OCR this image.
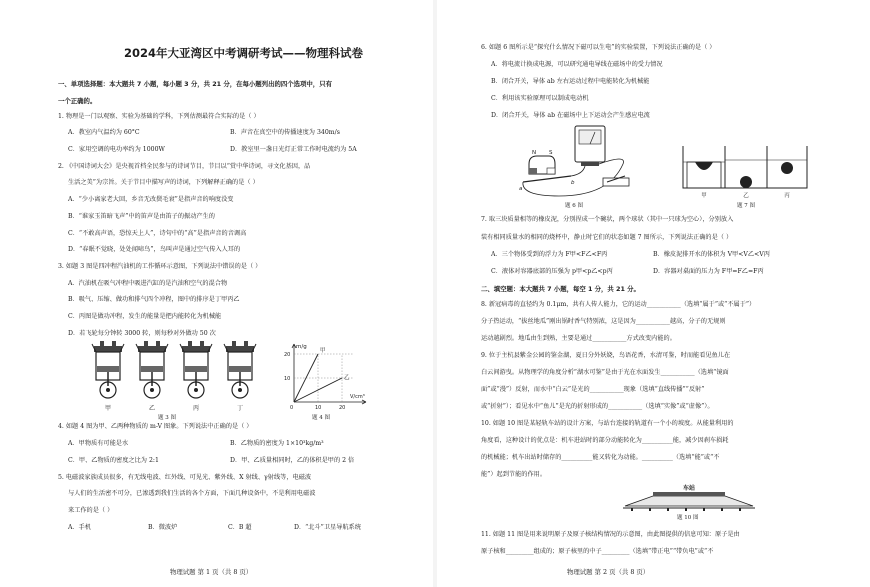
2024年大亚湾区中考调研考试——物理科试卷
一、单项选择题：本大题共 7 小题，每小题 3 分，共 21 分，在每小题列出的四个选项中，只有
一个正确的。
1. 物理是一门以观察、实验为基础的学科，下列估测最符合实际的是（ ）
A．教室内气温约为 60°C	B．声音在真空中的传播速度为 340m/s
C．家用空调的电功率约为 1000W	D．教室里一盏日光灯正常工作时电流约为 5A
2. 《中国诗词大会》是央视首档全民参与的诗词节目，节目以“赏中华诗词，寻文化基因，品
生活之美”为宗旨。关于节目中描写声的诗词，下列解释正确的是（ ）
A．“少小离家老大回，乡音无改鬓毛衰”是指声音的响度没变
B．“谁家玉笛暗飞声”中的笛声是由笛子的振动产生的
C．“不敢高声语，恐惊天上人”，诗句中的“高”是指声音的音调高
D．“春眠不觉晓，处处闻啼鸟”，鸟叫声是通过空气传入人耳的
3. 如题 3 图是四冲程汽油机的工作循环示意图，下列说法中错误的是（ ）
A．汽油机在吸气冲程中吸进汽缸的是汽油和空气的混合物
B．吸气、压缩、做功和排气四个冲程，图中的排序是丁甲丙乙
C．丙图是做功冲程，发生的能量是把内能转化为机械能
D．若飞轮每分钟转 3000 转，则每秒对外做功 50 次
甲	乙	丙	丁
题 3 图
甲
乙
0	10	20
10
20
m/g
V/cm³
题 4 图
4. 如题 4 图为甲、乙两种物质的 m-V 图象。下列说法中正确的是（ ）
A．甲物质有可能是水	B．乙物质的密度为 1×10³kg/m³
C．甲、乙物质的密度之比为 2:1	D．甲、乙质量相同时，乙的体积是甲的 2 倍
5. 电磁波家族成员很多，有无线电波、红外线、可见光、紫外线、X 射线、γ射线等，电磁波
与人们的生活密不可分，已渗透到我们生活的各个方面，下面几种设备中，不是利用电磁波
来工作的是（ ）
A．手机	B．微波炉	C．B 超	D．“北斗”卫星导航系统
物理试题 第 1 页（共 8 页）
6. 如题 6 图所示是“探究什么情况下磁可以生电”的实验装置，下列说法正确的是（ ）
A．将电流计换成电源，可以研究通电导线在磁场中的受力情况
B．闭合开关，导体 ab 左右运动过程中电能转化为机械能
C．利用该实验原理可以制成电动机
D．闭合开关，导体 ab 在磁场中上下运动会产生感应电流
N S
a
b
题 6 图
甲	乙	丙
题 7 图
7. 取三块质量相等的橡皮泥，分别捏成一个碗状，两个球状（其中一只球为空心），分别放入
装有相同质量水的相同的烧杯中，静止时它们的状态如题 7 图所示，下列说法正确的是（ ）
A．三个物体受到的浮力为 F甲<F乙<F丙	B．橡皮泥排开水的体积为 V甲<V乙<V丙
C．液体对容器底部的压强为 p甲<p乙<p丙	D．容器对桌面的压力为 F甲=F乙=F丙
二、填空题：本大题共 7 小题，每空 1 分，共 21 分。
8. 新冠病毒的直径约为 0.1μm，共有人传人能力，它的运动___________（选填“属于”或“不属于”）
分子热运动，“拔丝地瓜”刚出锅时香气特别浓，这是因为___________越高，分子的无规则
运动越剧烈。地瓜由生到熟，主要是通过___________方式改变内能的。
9. 位于主杭县紫金公园的鉴金湖，夏日分外妖娆，鸟语花香，水清可鉴，时而能看见鱼儿在
白云间游曳。从物理学的角度分析“湖水可鉴”是由于光在水面发生___________（选填“镜面
面”或“漫”）反射，而水中“白云”是光的___________现象（选填“直线传播”“反射”
或“折射”）；看见水中“鱼儿”是光的折射形成的___________（选填“实像”或“虚像”）。
10. 如题 10 图是某轻轨车站的设计方案，与站台连接的轨道有一个小的坡度。从能量利用的
角度看，这种设计的优点是：机车进站时的部分动能转化为__________能，减少因刹车损耗
的机械能；机车出站时储存的__________能又转化为动能。__________（选填“能”或“不
能”）起到节能的作用。
车站
题 10 图
11. 如题 11 图是用来说明原子及原子核结构情况的示意图，由此图提供的信息可知：原子是由
原子核和_________组成的；原子核里的中子_________（选填“带正电”“带负电”或“不
物理试题 第 2 页（共 8 页）
